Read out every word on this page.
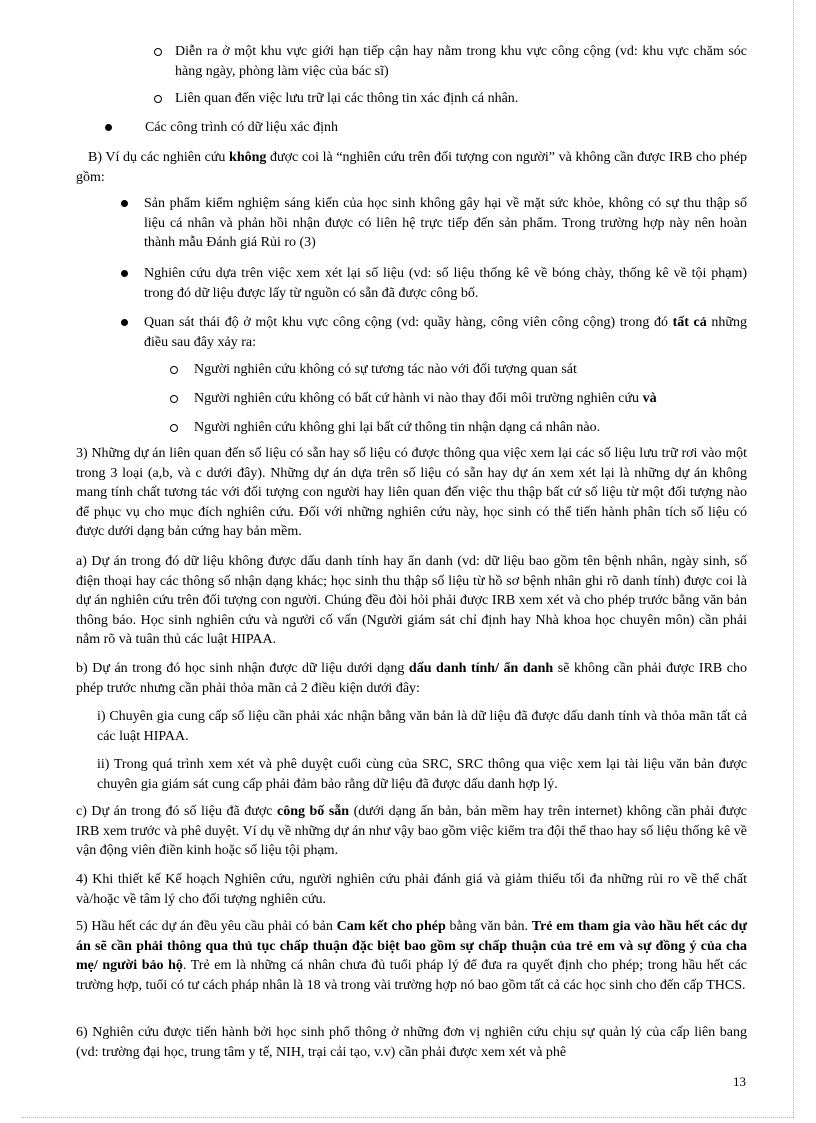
Diễn ra ở một khu vực giới hạn tiếp cận hay nằm trong khu vực công cộng (vd: khu vực chăm sóc hàng ngày, phòng làm việc của bác sĩ)

Liên quan đến việc lưu trữ lại các thông tin xác định cá nhân.

Các công trình có dữ liệu xác định

B) Ví dụ các nghiên cứu không được coi là “nghiên cứu trên đối tượng con người” và không cần được IRB cho phép gồm:

Sản phẩm kiểm nghiệm sáng kiến của học sinh không gây hại về mặt sức khỏe, không có sự thu thập số liệu cá nhân và phản hồi nhận được có liên hệ trực tiếp đến sản phẩm. Trong trường hợp này nên hoàn thành mẫu Đánh giá Rủi ro (3)

Nghiên cứu dựa trên việc xem xét lại số liệu (vd: số liệu thống kê về bóng chày, thống kê về tội phạm) trong đó dữ liệu được lấy từ nguồn có sẵn đã được công bố.

Quan sát thái độ ở một khu vực công cộng (vd: quầy hàng, công viên công cộng) trong đó tất cả những điều sau đây xảy ra:

Người nghiên cứu không có sự tương tác nào với đối tượng quan sát

Người nghiên cứu không có bất cứ hành vi nào thay đổi môi trường nghiên cứu và

Người nghiên cứu không ghi lại bất cứ thông tin nhận dạng cá nhân nào.

3) Những dự án liên quan đến số liệu có sẵn hay số liệu có được thông qua việc xem lại các số liệu lưu trữ rơi vào một trong 3 loại (a,b, và c dưới đây). Những dự án dựa trên số liệu có sẵn hay dự án xem xét lại là những dự án không mang tính chất tương tác với đối tượng con người hay liên quan đến việc thu thập bất cứ số liệu từ một đối tượng nào để phục vụ cho mục đích nghiên cứu. Đối với những nghiên cứu này, học sinh có thể tiến hành phân tích số liệu có được dưới dạng bản cứng hay bản mềm.

a) Dự án trong đó dữ liệu không được dấu danh tính hay ẩn danh (vd: dữ liệu bao gồm tên bệnh nhân, ngày sinh, số điện thoại hay các thông số nhận dạng khác; học sinh thu thập số liệu từ hồ sơ bệnh nhân ghi rõ danh tính) được coi là dự án nghiên cứu trên đối tượng con người. Chúng đều đòi hỏi phải được IRB xem xét và cho phép trước bằng văn bản thông báo. Học sinh nghiên cứu và người cố vấn (Người giám sát chỉ định hay Nhà khoa học chuyên môn) cần phải nắm rõ và tuân thủ các luật HIPAA.

b) Dự án trong đó học sinh nhận được dữ liệu dưới dạng dấu danh tính/ ẩn danh sẽ không cần phải được IRB cho phép trước nhưng cần phải thỏa mãn cả 2 điều kiện dưới đây:

i) Chuyên gia cung cấp số liệu cần phải xác nhận bằng văn bản là dữ liệu đã được dấu danh tính và thỏa mãn tất cả các luật HIPAA.

ii) Trong quá trình xem xét và phê duyệt cuối cùng của SRC, SRC thông qua việc xem lại tài liệu văn bản được chuyên gia giám sát cung cấp phải đảm bảo rằng dữ liệu đã được dấu danh hợp lý.

c) Dự án trong đó số liệu đã được công bố sẵn (dưới dạng ấn bản, bản mềm hay trên internet) không cần phải được IRB xem trước và phê duyệt. Ví dụ về những dự án như vậy bao gồm việc kiểm tra đội thể thao hay số liệu thống kê về vận động viên điền kinh hoặc số liệu tội phạm.

4) Khi thiết kế Kế hoạch Nghiên cứu, người nghiên cứu phải đánh giá và giảm thiểu tối đa những rủi ro về thể chất và/hoặc về tâm lý cho đối tượng nghiên cứu.

5) Hầu hết các dự án đều yêu cầu phải có bản Cam kết cho phép bằng văn bản. Trẻ em tham gia vào hầu hết các dự án sẽ cần phải thông qua thủ tục chấp thuận đặc biệt bao gồm sự chấp thuận của trẻ em và sự đồng ý của cha mẹ/ người bảo hộ. Trẻ em là những cá nhân chưa đủ tuổi pháp lý để đưa ra quyết định cho phép; trong hầu hết các trường hợp, tuổi có tư cách pháp nhân là 18 và trong vài trường hợp nó bao gồm tất cả các học sinh cho đến cấp THCS.

6) Nghiên cứu được tiến hành bởi học sinh phổ thông ở những đơn vị nghiên cứu chịu sự quản lý của cấp liên bang (vd: trường đại học, trung tâm y tế, NIH, trại cải tạo, v.v) cần phải được xem xét và phê

13
